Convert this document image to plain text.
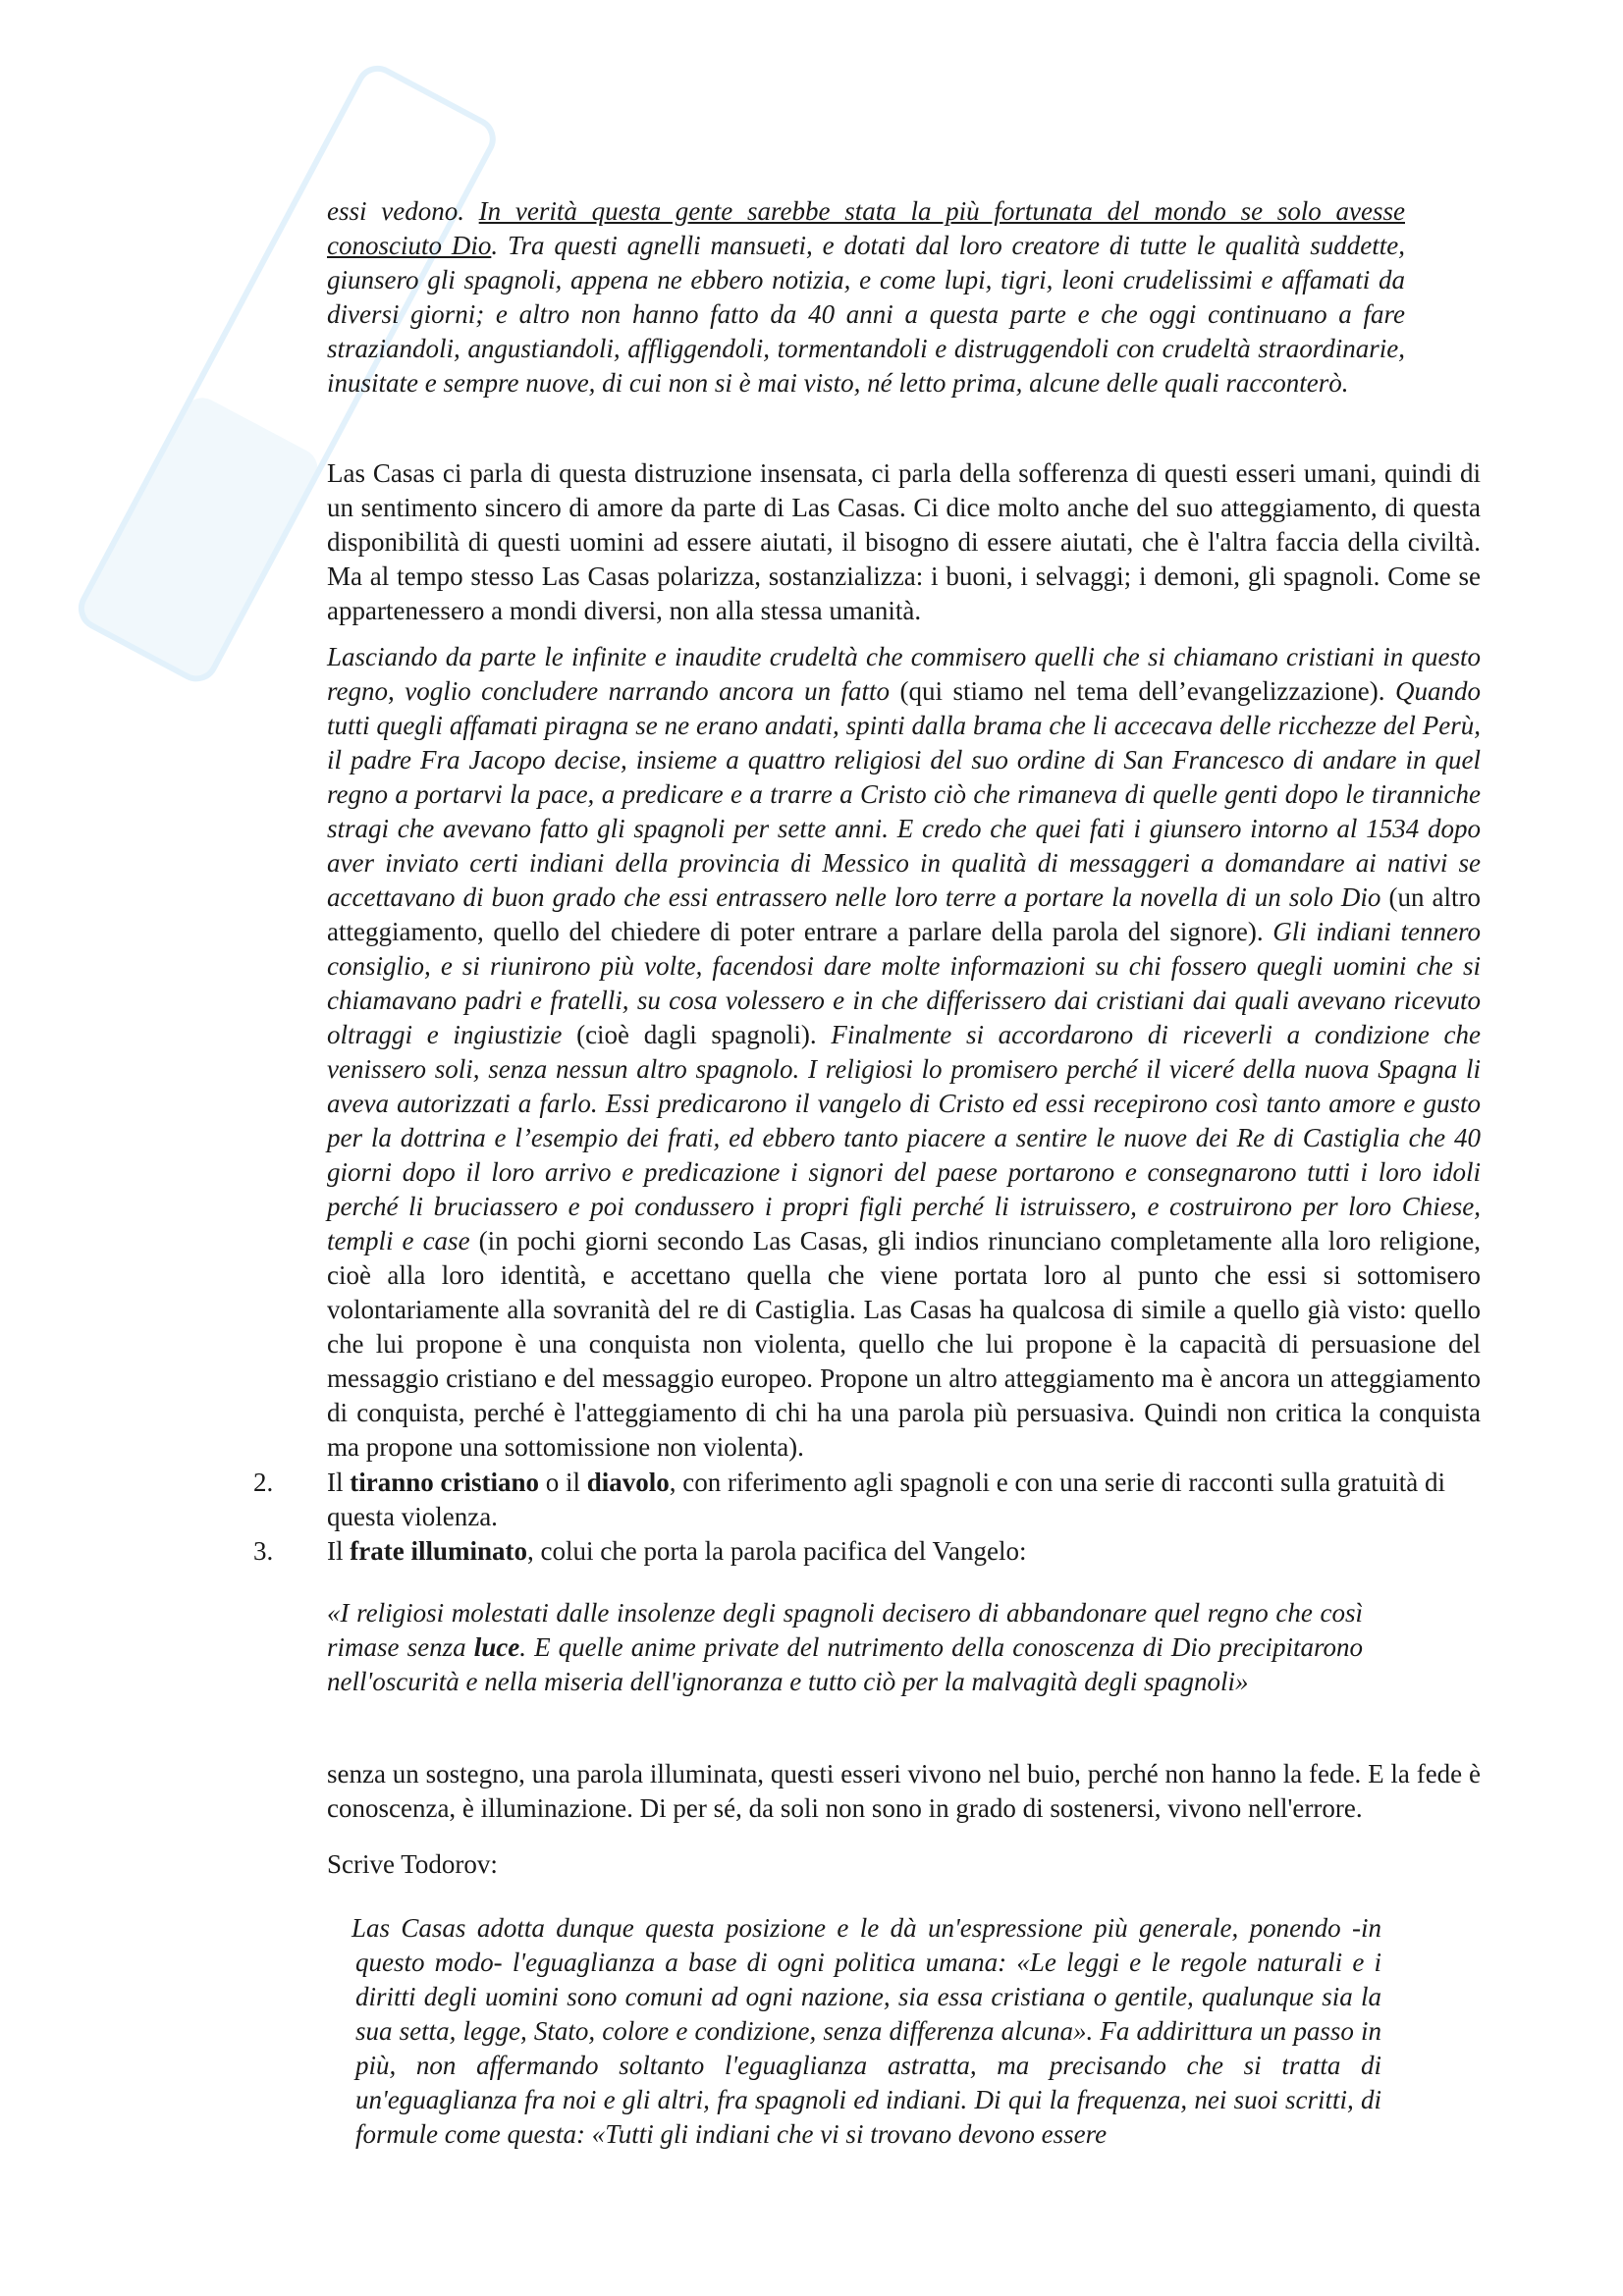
essi vedono. In verità questa gente sarebbe stata la più fortunata del mondo se solo avesse conosciuto Dio. Tra questi agnelli mansueti, e dotati dal loro creatore di tutte le qualità suddette, giunsero gli spagnoli, appena ne ebbero notizia, e come lupi, tigri, leoni crudelissimi e affamati da diversi giorni; e altro non hanno fatto da 40 anni a questa parte e che oggi continuano a fare straziandoli, angustiandoli, affliggendoli, tormentandoli e distruggendoli con crudeltà straordinarie, inusitate e sempre nuove, di cui non si è mai visto, né letto prima, alcune delle quali racconterò.

Las Casas ci parla di questa distruzione insensata, ci parla della sofferenza di questi esseri umani, quindi di un sentimento sincero di amore da parte di Las Casas. Ci dice molto anche del suo atteggiamento, di questa disponibilità di questi uomini ad essere aiutati, il bisogno di essere aiutati, che è l'altra faccia della civiltà. Ma al tempo stesso Las Casas polarizza, sostanzializza: i buoni, i selvaggi; i demoni, gli spagnoli. Come se appartenessero a mondi diversi, non alla stessa umanità.

Lasciando da parte le infinite e inaudite crudeltà che commisero quelli che si chiamano cristiani in questo regno, voglio concludere narrando ancora un fatto (qui stiamo nel tema dell’evangelizzazione). Quando tutti quegli affamati piragna se ne erano andati, spinti dalla brama che li accecava delle ricchezze del Perù, il padre Fra Jacopo decise, insieme a quattro religiosi del suo ordine di San Francesco di andare in quel regno a portarvi la pace, a predicare e a trarre a Cristo ciò che rimaneva di quelle genti dopo le tiranniche stragi che avevano fatto gli spagnoli per sette anni. E credo che quei fati i giunsero intorno al 1534 dopo aver inviato certi indiani della provincia di Messico in qualità di messaggeri a domandare ai nativi se accettavano di buon grado che essi entrassero nelle loro terre a portare la novella di un solo Dio (un altro atteggiamento, quello del chiedere di poter entrare a parlare della parola del signore). Gli indiani tennero consiglio, e si riunirono più volte, facendosi dare molte informazioni su chi fossero quegli uomini che si chiamavano padri e fratelli, su cosa volessero e in che differissero dai cristiani dai quali avevano ricevuto oltraggi e ingiustizie (cioè dagli spagnoli). Finalmente si accordarono di riceverli a condizione che venissero soli, senza nessun altro spagnolo. I religiosi lo promisero perché il viceré della nuova Spagna li aveva autorizzati a farlo. Essi predicarono il vangelo di Cristo ed essi recepirono così tanto amore e gusto per la dottrina e l’esempio dei frati, ed ebbero tanto piacere a sentire le nuove dei Re di Castiglia che 40 giorni dopo il loro arrivo e predicazione i signori del paese portarono e consegnarono tutti i loro idoli perché li bruciassero e poi condussero i propri figli perché li istruissero, e costruirono per loro Chiese, templi e case (in pochi giorni secondo Las Casas, gli indios rinunciano completamente alla loro religione, cioè alla loro identità, e accettano quella che viene portata loro al punto che essi si sottomisero volontariamente alla sovranità del re di Castiglia. Las Casas ha qualcosa di simile a quello già visto: quello che lui propone è una conquista non violenta, quello che lui propone è la capacità di persuasione del messaggio cristiano e del messaggio europeo. Propone un altro atteggiamento ma è ancora un atteggiamento di conquista, perché è l'atteggiamento di chi ha una parola più persuasiva. Quindi non critica la conquista ma propone una sottomissione non violenta).

2. Il tiranno cristiano o il diavolo, con riferimento agli spagnoli e con una serie di racconti sulla gratuità di questa violenza.

3. Il frate illuminato, colui che porta la parola pacifica del Vangelo:

«I religiosi molestati dalle insolenze degli spagnoli decisero di abbandonare quel regno che così rimase senza luce. E quelle anime private del nutrimento della conoscenza di Dio precipitarono nell'oscurità e nella miseria dell'ignoranza e tutto ciò per la malvagità degli spagnoli»

senza un sostegno, una parola illuminata, questi esseri vivono nel buio, perché non hanno la fede. E la fede è conoscenza, è illuminazione. Di per sé, da soli non sono in grado di sostenersi, vivono nell'errore.

Scrive Todorov:

Las Casas adotta dunque questa posizione e le dà un'espressione più generale, ponendo -in questo modo- l'eguaglianza a base di ogni politica umana: «Le leggi e le regole naturali e i diritti degli uomini sono comuni ad ogni nazione, sia essa cristiana o gentile, qualunque sia la sua setta, legge, Stato, colore e condizione, senza differenza alcuna». Fa addirittura un passo in più, non affermando soltanto l'eguaglianza astratta, ma precisando che si tratta di un'eguaglianza fra noi e gli altri, fra spagnoli ed indiani. Di qui la frequenza, nei suoi scritti, di formule come questa: «Tutti gli indiani che vi si trovano devono essere
